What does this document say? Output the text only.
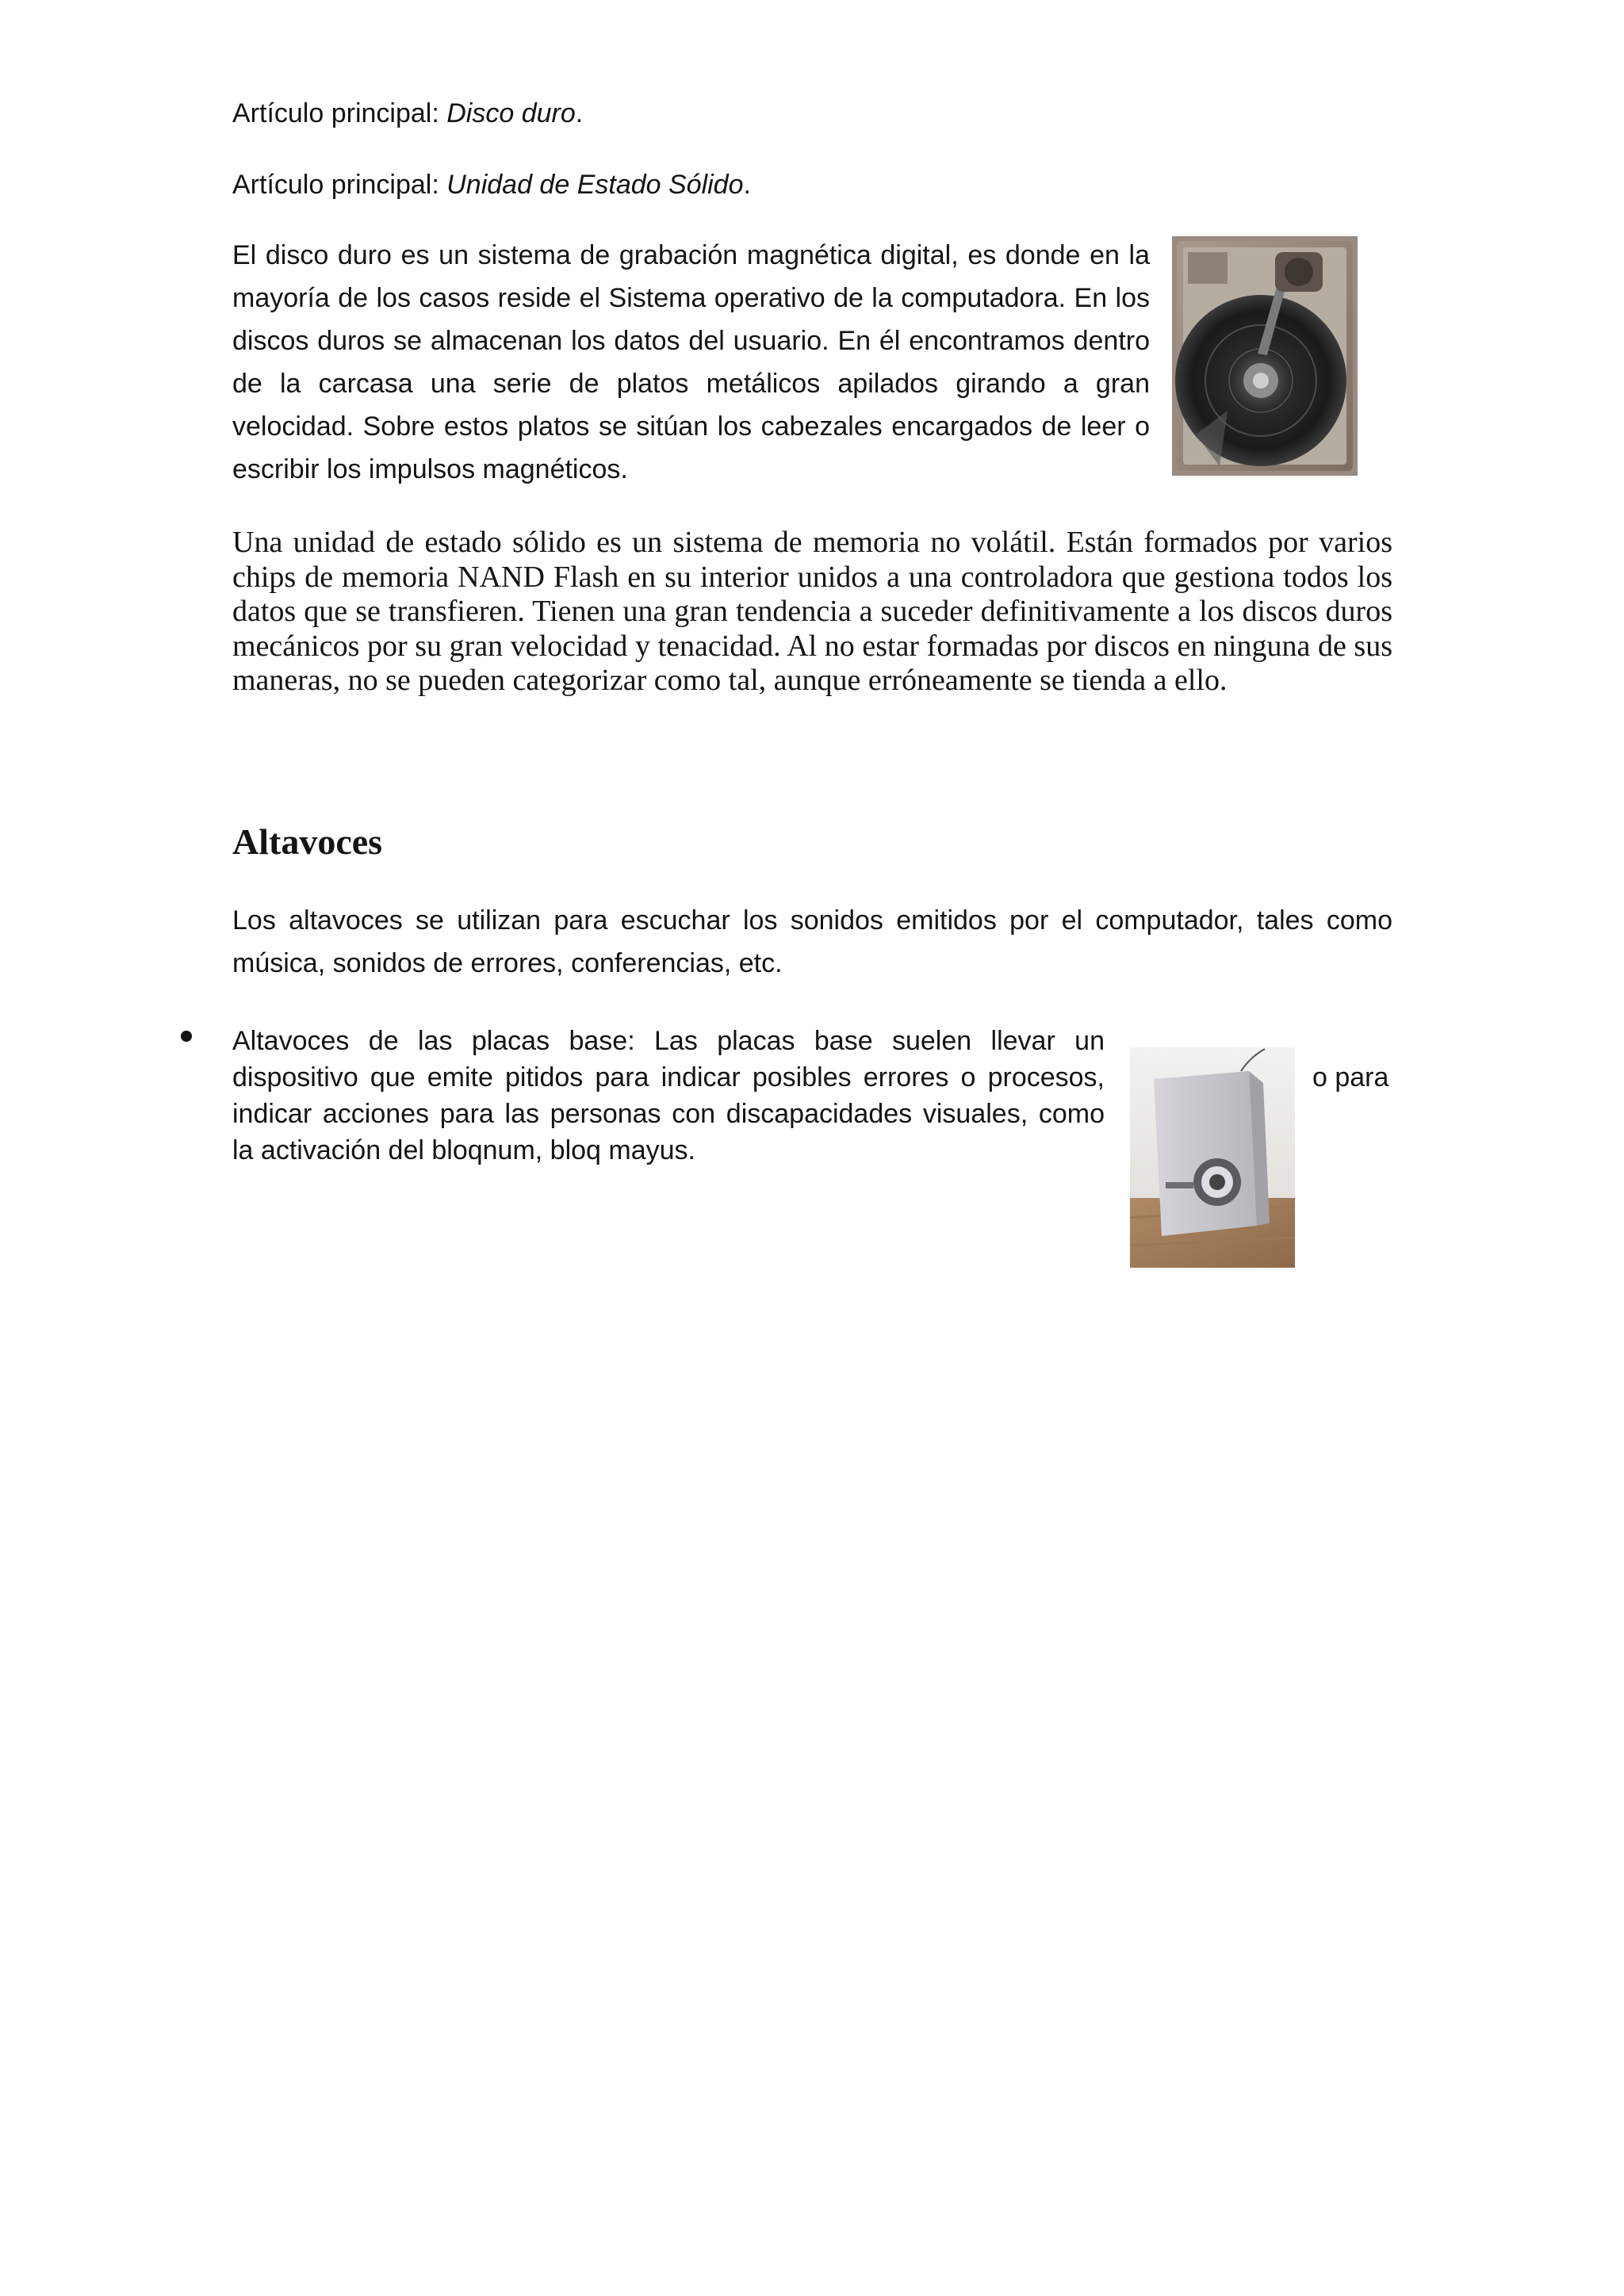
Artículo principal: Disco duro.

Artículo principal: Unidad de Estado Sólido.

El disco duro es un sistema de grabación magnética digital, es donde en la mayoría de los casos reside el Sistema operativo de la computadora. En los discos duros se almacenan los datos del usuario. En él encontramos dentro de la carcasa una serie de platos metálicos apilados girando a gran velocidad. Sobre estos platos se sitúan los cabezales encargados de leer o escribir los impulsos magnéticos.

Una unidad de estado sólido es un sistema de memoria no volátil. Están formados por varios chips de memoria NAND Flash en su interior unidos a una controladora que gestiona todos los datos que se transfieren. Tienen una gran tendencia a suceder definitivamente a los discos duros mecánicos por su gran velocidad y tenacidad. Al no estar formadas por discos en ninguna de sus maneras, no se pueden categorizar como tal, aunque erróneamente se tienda a ello.

Altavoces

Los altavoces se utilizan para escuchar los sonidos emitidos por el computador, tales como música, sonidos de errores, conferencias, etc.

Altavoces de las placas base: Las placas base suelen llevar un dispositivo que emite pitidos para indicar posibles errores o procesos, indicar acciones para las personas con discapacidades visuales, como la activación del bloqnum, bloq mayus.

o para
